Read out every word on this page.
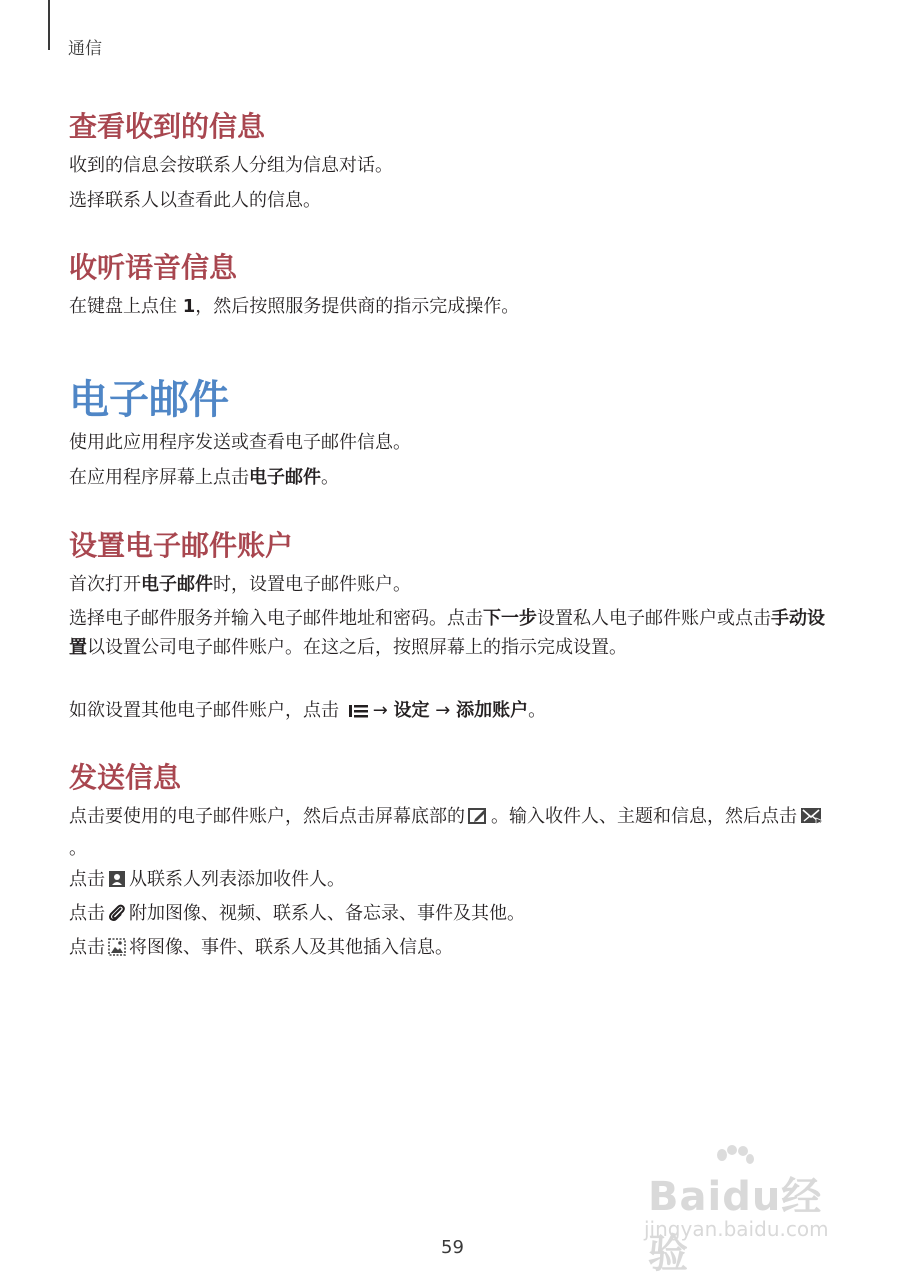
通信
查看收到的信息

收到的信息会按联系人分组为信息对话。

选择联系人以查看此人的信息。

收听语音信息

在键盘上点住 1，然后按照服务提供商的指示完成操作。

电子邮件

使用此应用程序发送或查看电子邮件信息。

在应用程序屏幕上点击电子邮件。

设置电子邮件账户

首次打开电子邮件时，设置电子邮件账户。

选择电子邮件服务并输入电子邮件地址和密码。点击下一步设置私人电子邮件账户或点击手动设置以设置公司电子邮件账户。在这之后，按照屏幕上的指示完成设置。

如欲设置其他电子邮件账户，点击 → 设定 → 添加账户。

发送信息

点击要使用的电子邮件账户，然后点击屏幕底部的 。输入收件人、主题和信息，然后点击。

点击 从联系人列表添加收件人。

点击 附加图像、视频、联系人、备忘录、事件及其他。

点击 将图像、事件、联系人及其他插入信息。

Baidu经验
jingyan.baidu.com
59
